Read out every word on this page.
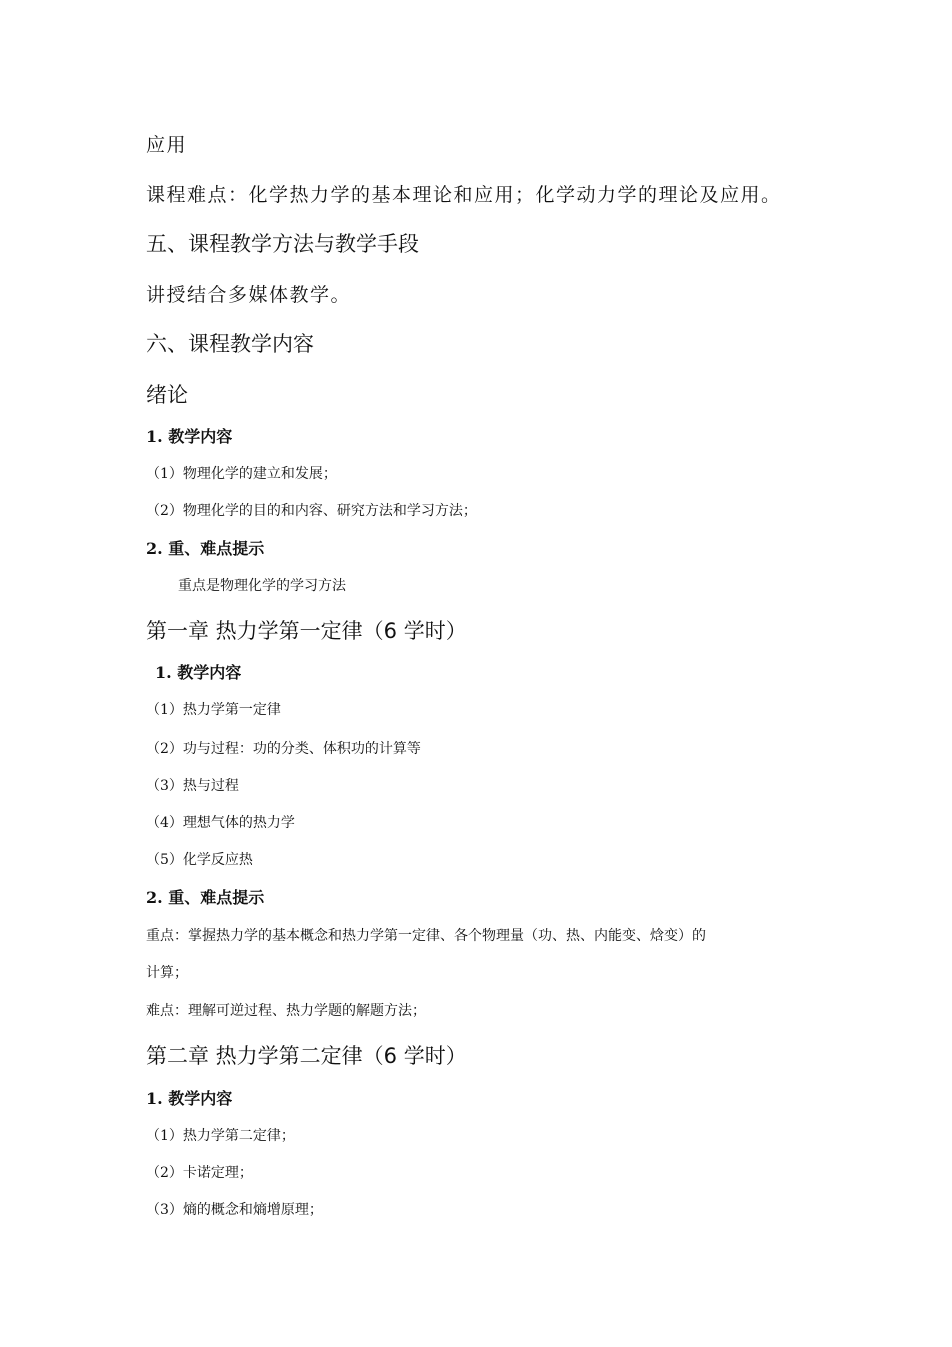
应用

课程难点：化学热力学的基本理论和应用；化学动力学的理论及应用。

五、课程教学方法与教学手段

讲授结合多媒体教学。

六、课程教学内容
绪论
1. 教学内容

（1）物理化学的建立和发展；

（2）物理化学的目的和内容、研究方法和学习方法；

2. 重、难点提示

重点是物理化学的学习方法

第一章 热力学第一定律（6 学时）
1. 教学内容

（1）热力学第一定律

（2）功与过程：功的分类、体积功的计算等

（3）热与过程

（4）理想气体的热力学

（5）化学反应热

2. 重、难点提示

重点：掌握热力学的基本概念和热力学第一定律、各个物理量（功、热、内能变、焓变）的

计算；

难点：理解可逆过程、热力学题的解题方法；

第二章 热力学第二定律（6 学时）
1. 教学内容

（1）热力学第二定律；

（2）卡诺定理；

（3）熵的概念和熵增原理；
